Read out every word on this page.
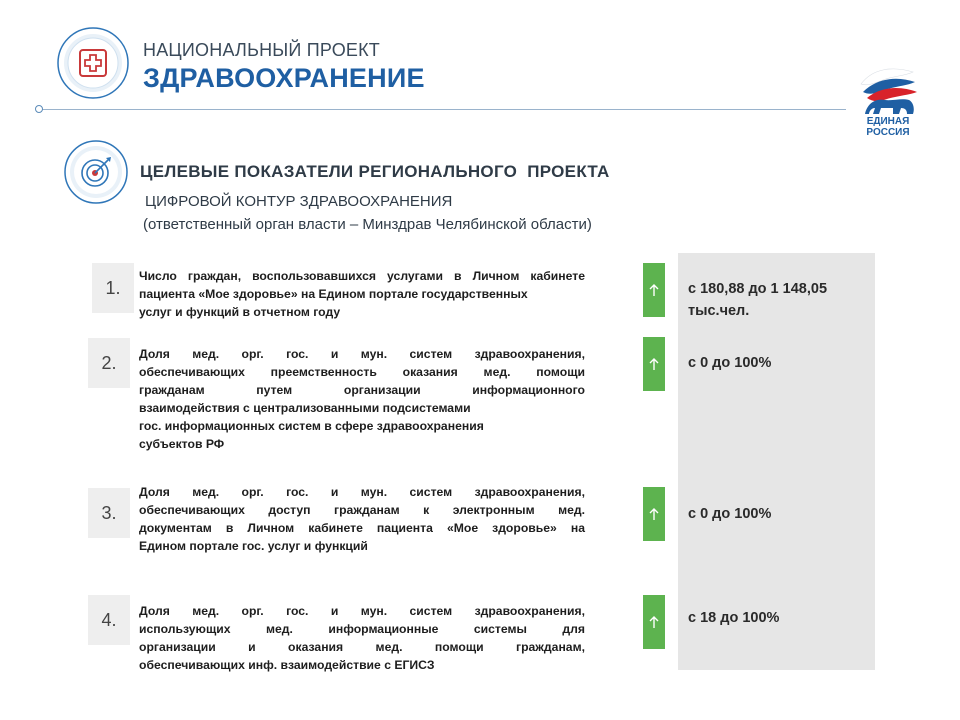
НАЦИОНАЛЬНЫЙ ПРОЕКТ
ЗДРАВООХРАНЕНИЕ
ЕДИНАЯ
РОССИЯ
ЦЕЛЕВЫЕ ПОКАЗАТЕЛИ РЕГИОНАЛЬНОГО  ПРОЕКТА
ЦИФРОВОЙ КОНТУР ЗДРАВООХРАНЕНИЯ
(ответственный орган власти – Минздрав Челябинской области)
1.
Число граждан, воспользовавшихся услугами в Личном кабинете
пациента «Мое здоровье» на Едином портале государственных
услуг и функций в отчетном году
с 180,88 до 1 148,05 тыс.чел.
2.	Доля мед. орг. гос. и мун. систем здравоохранения,
обеспечивающих преемственность оказания мед. помощи
гражданам путем организации информационного
взаимодействия с централизованными подсистемами
гос. информационных систем в сфере здравоохранения
субъектов РФ
с 0 до 100%
3.
Доля мед. орг. гос. и мун. систем здравоохранения,
обеспечивающих доступ гражданам к электронным мед.
документам в Личном кабинете пациента «Мое здоровье» на
Едином портале гос. услуг и функций
с 0 до 100%
4.	Доля мед. орг. гос. и мун. систем здравоохранения,
использующих мед. информационные системы для
организации и оказания мед. помощи гражданам,
обеспечивающих инф. взаимодействие с ЕГИСЗ
с 18 до 100%
